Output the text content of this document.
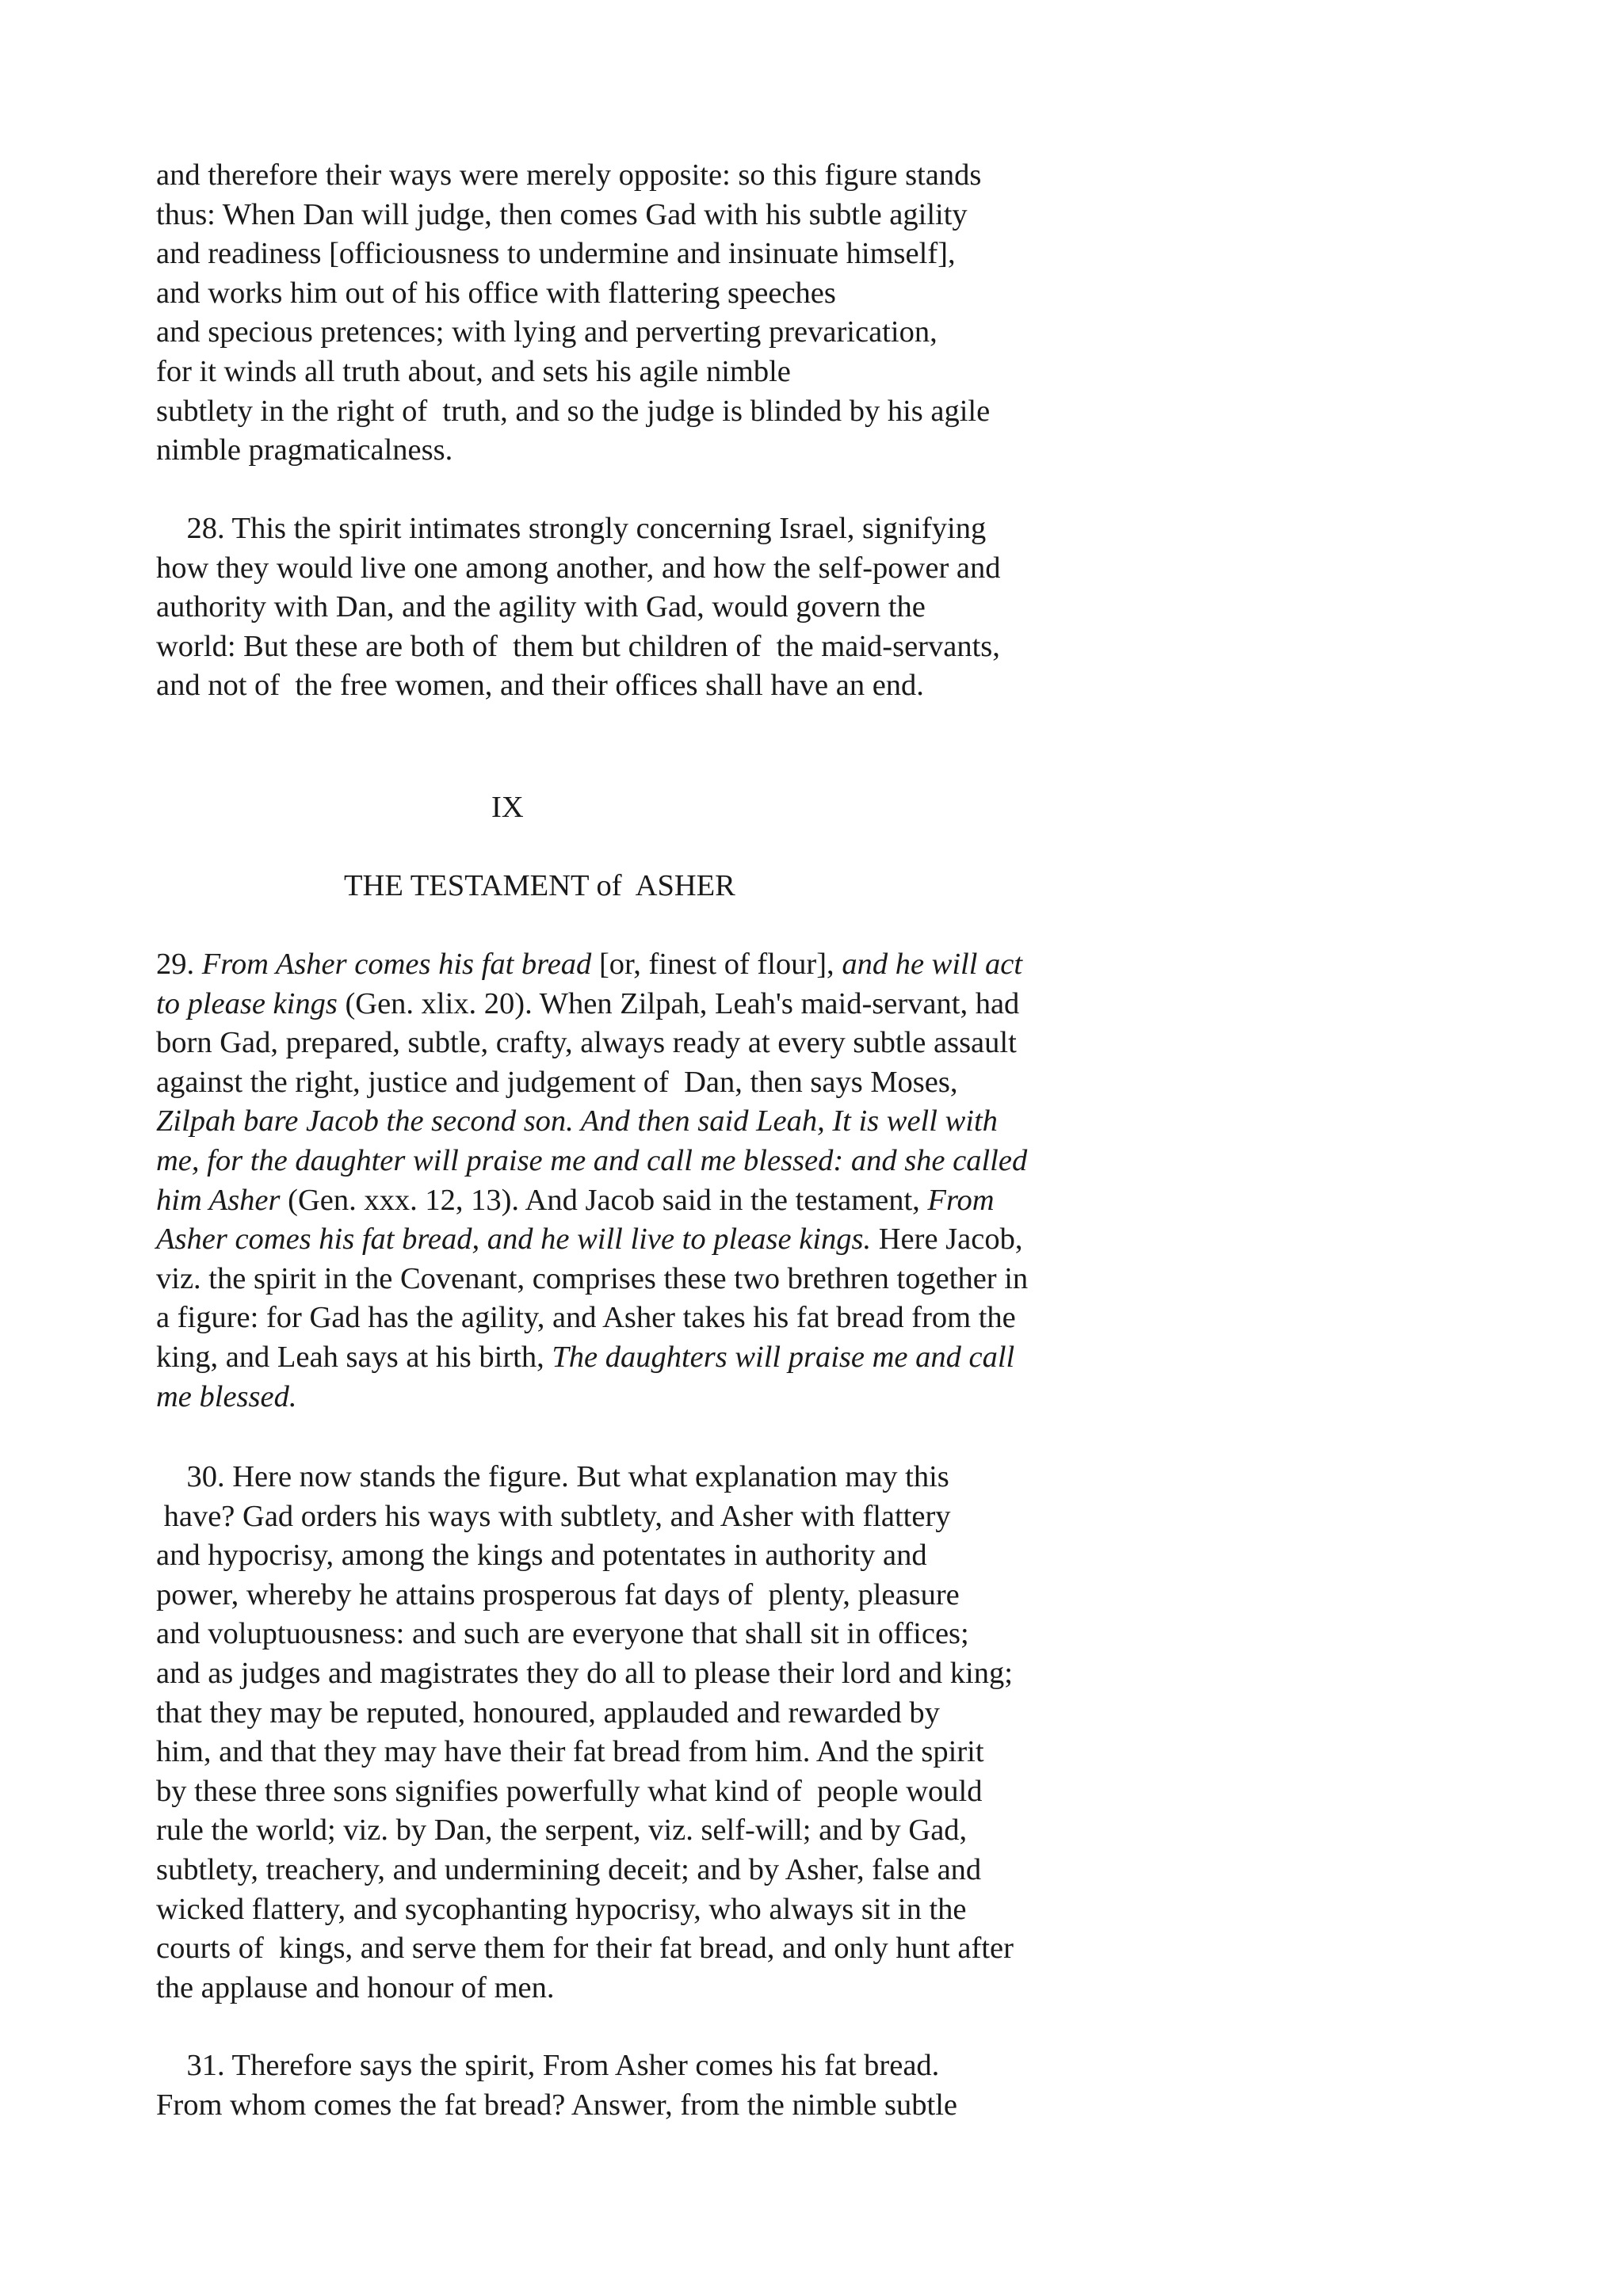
and therefore their ways were merely opposite: so this figure stands
thus: When Dan will judge, then comes Gad with his subtle agility
and readiness [officiousness to undermine and insinuate himself],
and works him out of his office with flattering speeches
and specious pretences; with lying and perverting prevarication,
for it winds all truth about, and sets his agile nimble
subtlety in the right of  truth, and so the judge is blinded by his agile
nimble pragmaticalness.
28. This the spirit intimates strongly concerning Israel, signifying
how they would live one among another, and how the self-power and
authority with Dan, and the agility with Gad, would govern the
world: But these are both of  them but children of  the maid-servants,
and not of  the free women, and their offices shall have an end.
IX
THE TESTAMENT of  ASHER
29. From Asher comes his fat bread [or, finest of flour], and he will act
to please kings (Gen. xlix. 20). When Zilpah, Leah's maid-servant, had
born Gad, prepared, subtle, crafty, always ready at every subtle assault
against the right, justice and judgement of  Dan, then says Moses,
Zilpah bare Jacob the second son. And then said Leah, It is well with
me, for the daughter will praise me and call me blessed: and she called
him Asher (Gen. xxx. 12, 13). And Jacob said in the testament, From
Asher comes his fat bread, and he will live to please kings. Here Jacob,
viz. the spirit in the Covenant, comprises these two brethren together in
a figure: for Gad has the agility, and Asher takes his fat bread from the
king, and Leah says at his birth, The daughters will praise me and call
me blessed.
30. Here now stands the figure. But what explanation may this
have? Gad orders his ways with subtlety, and Asher with flattery
and hypocrisy, among the kings and potentates in authority and
power, whereby he attains prosperous fat days of  plenty, pleasure
and voluptuousness: and such are everyone that shall sit in offices;
and as judges and magistrates they do all to please their lord and king;
that they may be reputed, honoured, applauded and rewarded by
him, and that they may have their fat bread from him. And the spirit
by these three sons signifies powerfully what kind of  people would
rule the world; viz. by Dan, the serpent, viz. self-will; and by Gad,
subtlety, treachery, and undermining deceit; and by Asher, false and
wicked flattery, and sycophanting hypocrisy, who always sit in the
courts of  kings, and serve them for their fat bread, and only hunt after
the applause and honour of men.
31. Therefore says the spirit, From Asher comes his fat bread.
From whom comes the fat bread? Answer, from the nimble subtle
